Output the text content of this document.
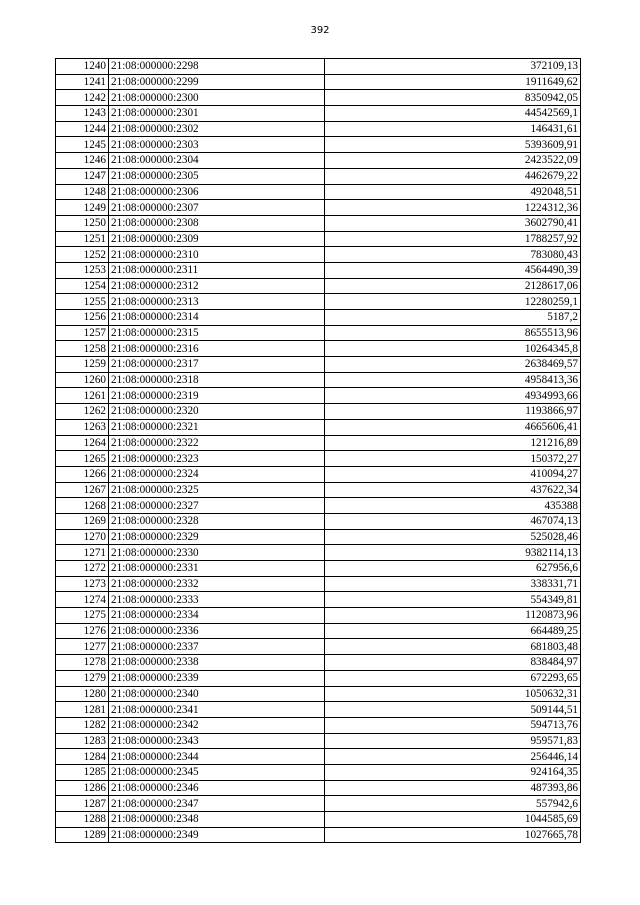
392
1240	21:08:000000:2298	372109,13
1241	21:08:000000:2299	1911649,62
1242	21:08:000000:2300	8350942,05
1243	21:08:000000:2301	44542569,1
1244	21:08:000000:2302	146431,61
1245	21:08:000000:2303	5393609,91
1246	21:08:000000:2304	2423522,09
1247	21:08:000000:2305	4462679,22
1248	21:08:000000:2306	492048,51
1249	21:08:000000:2307	1224312,36
1250	21:08:000000:2308	3602790,41
1251	21:08:000000:2309	1788257,92
1252	21:08:000000:2310	783080,43
1253	21:08:000000:2311	4564490,39
1254	21:08:000000:2312	2128617,06
1255	21:08:000000:2313	12280259,1
1256	21:08:000000:2314	5187,2
1257	21:08:000000:2315	8655513,96
1258	21:08:000000:2316	10264345,8
1259	21:08:000000:2317	2638469,57
1260	21:08:000000:2318	4958413,36
1261	21:08:000000:2319	4934993,66
1262	21:08:000000:2320	1193866,97
1263	21:08:000000:2321	4665606,41
1264	21:08:000000:2322	121216,89
1265	21:08:000000:2323	150372,27
1266	21:08:000000:2324	410094,27
1267	21:08:000000:2325	437622,34
1268	21:08:000000:2327	435388
1269	21:08:000000:2328	467074,13
1270	21:08:000000:2329	525028,46
1271	21:08:000000:2330	9382114,13
1272	21:08:000000:2331	627956,6
1273	21:08:000000:2332	338331,71
1274	21:08:000000:2333	554349,81
1275	21:08:000000:2334	1120873,96
1276	21:08:000000:2336	664489,25
1277	21:08:000000:2337	681803,48
1278	21:08:000000:2338	838484,97
1279	21:08:000000:2339	672293,65
1280	21:08:000000:2340	1050632,31
1281	21:08:000000:2341	509144,51
1282	21:08:000000:2342	594713,76
1283	21:08:000000:2343	959571,83
1284	21:08:000000:2344	256446,14
1285	21:08:000000:2345	924164,35
1286	21:08:000000:2346	487393,86
1287	21:08:000000:2347	557942,6
1288	21:08:000000:2348	1044585,69
1289	21:08:000000:2349	1027665,78
